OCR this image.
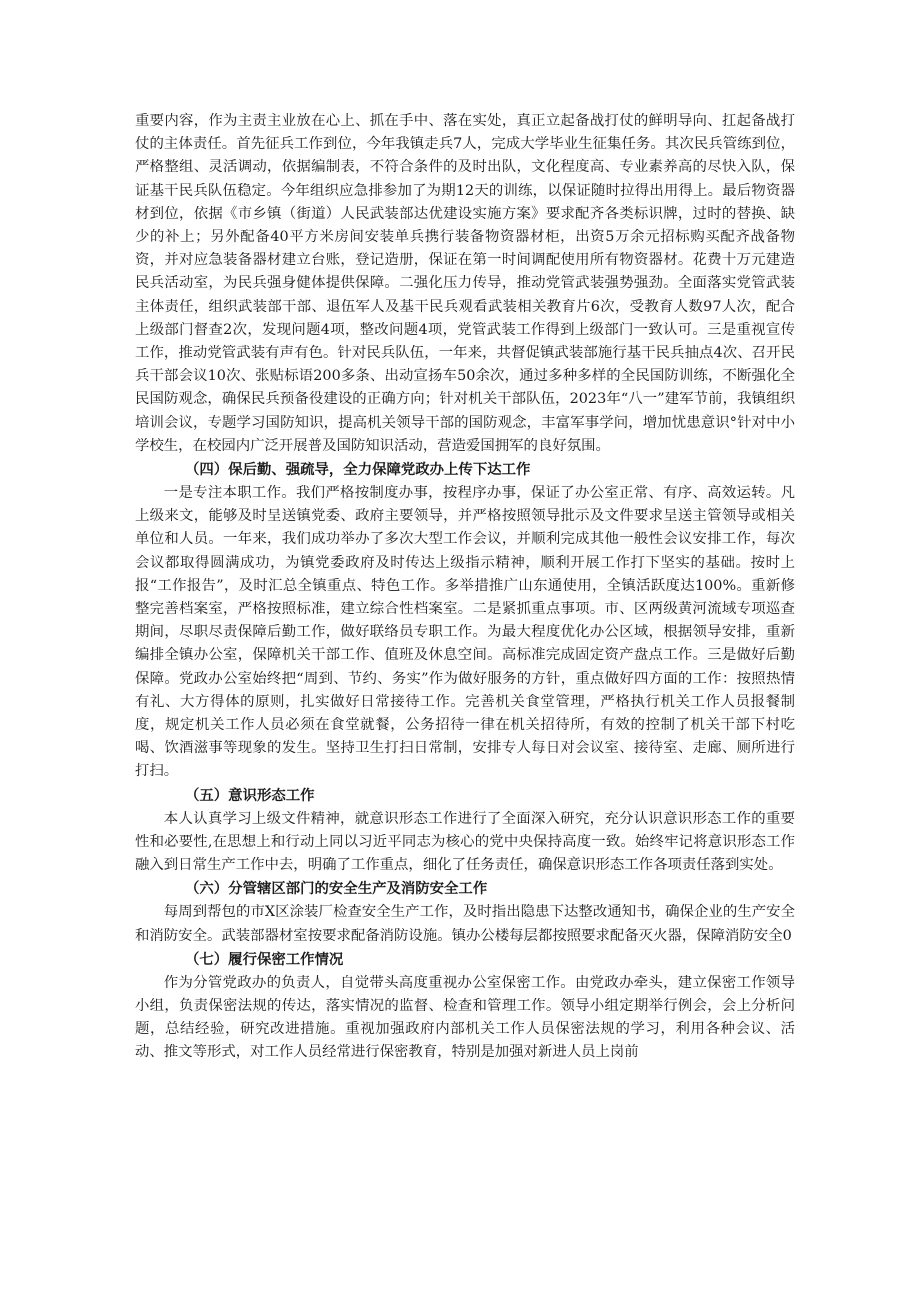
重要内容，作为主责主业放在心上、抓在手中、落在实处，真正立起备战打仗的鲜明导向、扛起备战打仗的主体责任。首先征兵工作到位，今年我镇走兵7人，完成大学毕业生征集任务。其次民兵管练到位，严格整组、灵活调动，依据编制表，不符合条件的及时出队，文化程度高、专业素养高的尽快入队，保证基干民兵队伍稳定。今年组织应急排参加了为期12天的训练，以保证随时拉得出用得上。最后物资器材到位，依据《市乡镇（街道）人民武装部达优建设实施方案》要求配齐各类标识牌，过时的替换、缺少的补上；另外配备40平方米房间安装单兵携行装备物资器材柜，出资5万余元招标购买配齐战备物资，并对应急装备器材建立台账，登记造册，保证在第一时间调配使用所有物资器材。花费十万元建造民兵活动室，为民兵强身健体提供保障。二强化压力传导，推动党管武装强势强劲。全面落实党管武装主体责任，组织武装部干部、退伍军人及基干民兵观看武装相关教育片6次，受教育人数97人次，配合上级部门督查2次，发现问题4项，整改问题4项，党管武装工作得到上级部门一致认可。三是重视宣传工作，推动党管武装有声有色。针对民兵队伍，一年来，共督促镇武装部施行基干民兵抽点4次、召开民兵干部会议10次、张贴标语200多条、出动宣扬车50余次，通过多种多样的全民国防训练，不断强化全民国防观念，确保民兵预备役建设的正确方向；针对机关干部队伍，2023年“八一”建军节前，我镇组织培训会议，专题学习国防知识，提高机关领导干部的国防观念，丰富军事学问，增加忧患意识°针对中小学校生，在校园内广泛开展普及国防知识活动，营造爱国拥军的良好氛围。

（四）保后勤、强疏导，全力保障党政办上传下达工作

一是专注本职工作。我们严格按制度办事，按程序办事，保证了办公室正常、有序、高效运转。凡上级来文，能够及时呈送镇党委、政府主要领导，并严格按照领导批示及文件要求呈送主管领导或相关单位和人员。一年来，我们成功举办了多次大型工作会议，并顺利完成其他一般性会议安排工作，每次会议都取得圆满成功，为镇党委政府及时传达上级指示精神，顺利开展工作打下坚实的基础。按时上报“工作报告”，及时汇总全镇重点、特色工作。多举措推广山东通使用，全镇活跃度达100%。重新修整完善档案室，严格按照标准，建立综合性档案室。二是紧抓重点事项。市、区两级黄河流域专项巡查期间，尽职尽责保障后勤工作，做好联络员专职工作。为最大程度优化办公区域，根据领导安排，重新编排全镇办公室，保障机关干部工作、值班及休息空间。高标准完成固定资产盘点工作。三是做好后勤保障。党政办公室始终把“周到、节约、务实”作为做好服务的方针，重点做好四方面的工作：按照热情有礼、大方得体的原则，扎实做好日常接待工作。完善机关食堂管理，严格执行机关工作人员报餐制度，规定机关工作人员必须在食堂就餐，公务招待一律在机关招待所，有效的控制了机关干部下村吃喝、饮酒滋事等现象的发生。坚持卫生打扫日常制，安排专人每日对会议室、接待室、走廊、厕所进行打扫。

（五）意识形态工作

本人认真学习上级文件精神，就意识形态工作进行了全面深入研究，充分认识意识形态工作的重要性和必要性,在思想上和行动上同以习近平同志为核心的党中央保持高度一致。始终牢记将意识形态工作融入到日常生产工作中去，明确了工作重点，细化了任务责任，确保意识形态工作各项责任落到实处。

（六）分管辖区部门的安全生产及消防安全工作

每周到帮包的市X区涂装厂检查安全生产工作，及时指出隐患下达整改通知书，确保企业的生产安全和消防安全。武装部器材室按要求配备消防设施。镇办公楼每层都按照要求配备灭火器，保障消防安全0

（七）履行保密工作情况

作为分管党政办的负责人，自觉带头高度重视办公室保密工作。由党政办牵头，建立保密工作领导小组，负责保密法规的传达，落实情况的监督、检查和管理工作。领导小组定期举行例会，会上分析问题，总结经验，研究改进措施。重视加强政府内部机关工作人员保密法规的学习，利用各种会议、活动、推文等形式，对工作人员经常进行保密教育，特别是加强对新进人员上岗前
